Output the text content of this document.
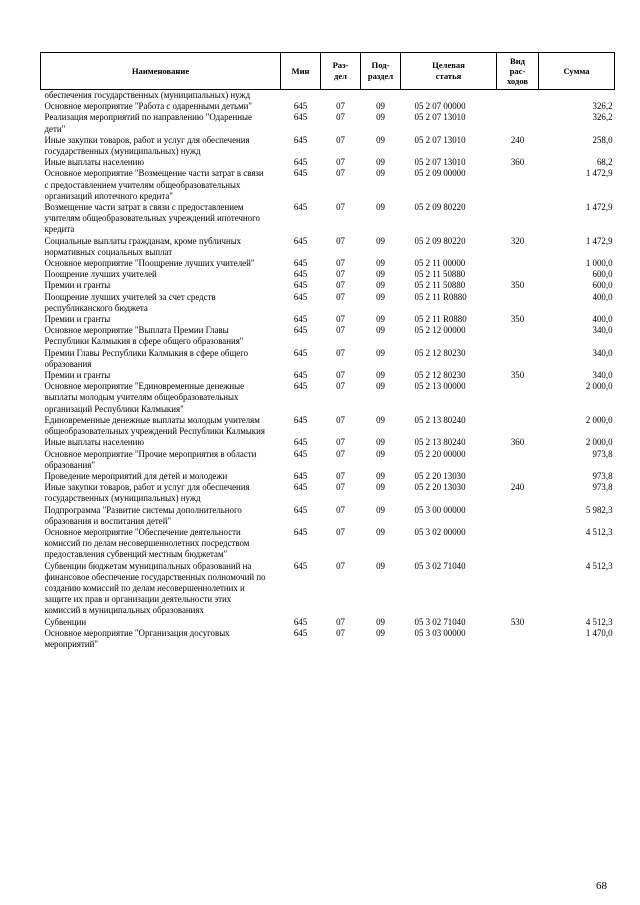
Наименование	Мин	Раз-
дел	Под-
раздел	Целевая
статья	Вид
рас-
ходов	Сумма
обеспечения государственных (муниципальных) нужд						
Основное мероприятие "Работа с одаренными детьми"	645	07	09	05 2 07 00000		326,2
Реализация мероприятий по направлению "Одаренные дети"	645	07	09	05 2 07 13010		326,2
Иные закупки товаров, работ и услуг для обеспечения государственных (муниципальных) нужд	645	07	09	05 2 07 13010	240	258,0
Иные выплаты населению	645	07	09	05 2 07 13010	360	68,2
Основное мероприятие "Возмещение части затрат в связи с предоставлением учителям общеобразовательных организаций ипотечного кредита"	645	07	09	05 2 09 00000		1 472,9
Возмещение части затрат в связи с предоставлением учителям общеобразовательных учреждений ипотечного кредита	645	07	09	05 2 09 80220		1 472,9
Социальные выплаты гражданам, кроме публичных нормативных социальных выплат	645	07	09	05 2 09 80220	320	1 472,9
Основное мероприятие "Поощрение лучших учителей"	645	07	09	05 2 11 00000		1 000,0
Поощрение лучших учителей	645	07	09	05 2 11 50880		600,0
Премии и гранты	645	07	09	05 2 11 50880	350	600,0
Поощрение лучших учителей за счет средств республиканского бюджета	645	07	09	05 2 11 R0880		400,0
Премии и гранты	645	07	09	05 2 11 R0880	350	400,0
Основное мероприятие "Выплата Премии Главы Республики Калмыкия в сфере общего образования"	645	07	09	05 2 12 00000		340,0
Премии Главы Республики Калмыкия в сфере общего образования	645	07	09	05 2 12 80230		340,0
Премии и гранты	645	07	09	05 2 12 80230	350	340,0
Основное мероприятие "Единовременные денежные выплаты молодым учителям общеобразовательных организаций Республики Калмыкия"	645	07	09	05 2 13 00000		2 000,0
Единовременные денежные выплаты молодым учителям общеобразовательных учреждений Республики Калмыкия	645	07	09	05 2 13 80240		2 000,0
Иные выплаты населению	645	07	09	05 2 13 80240	360	2 000,0
Основное мероприятие "Прочие мероприятия в области образования"	645	07	09	05 2 20 00000		973,8
Проведение мероприятий для детей и молодежи	645	07	09	05 2 20 13030		973,8
Иные закупки товаров, работ и услуг для обеспечения государственных (муниципальных) нужд	645	07	09	05 2 20 13030	240	973,8
Подпрограмма "Развитие системы дополнительного образования и воспитания детей"	645	07	09	05 3 00 00000		5 982,3
Основное мероприятие "Обеспечение деятельности комиссий по делам несовершеннолетних посредством предоставления субвенций местным бюджетам"	645	07	09	05 3 02 00000		4 512,3
Субвенции бюджетам муниципальных образований на финансовое обеспечение государственных полномочий по созданию комиссий по делам несовершеннолетних и защите их прав и организации деятельности этих комиссий в муниципальных образованиях	645	07	09	05 3 02 71040		4 512,3
Субвенции	645	07	09	05 3 02 71040	530	4 512,3
Основное мероприятие "Организация досуговых мероприятий"	645	07	09	05 3 03 00000		1 470,0
68
